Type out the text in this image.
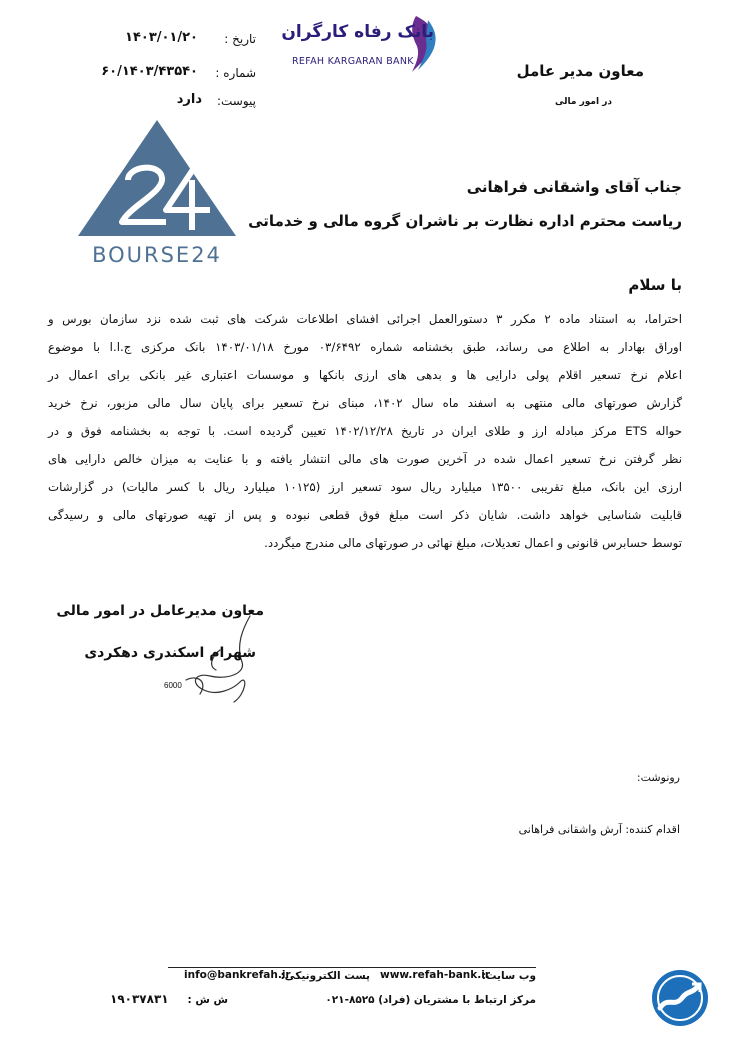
معاون مدیر عامل
در امور مالی
بانک رفاه کارگران
REFAH KARGARAN BANK
تاریخ :
۱۴۰۳/۰۱/۲۰
شماره :
۶۰/۱۴۰۳/۴۳۵۴۰
پیوست:
دارد
BOURSE24
جناب آقای واشقانی فراهانی
ریاست محترم اداره نظارت بر ناشران گروه مالی و خدماتی
با سلام
احتراما، به استناد ماده ۲ مکرر ۳ دستورالعمل اجرائی افشای اطلاعات شرکت های ثبت شده نزد سازمان بورس و
اوراق بهادار به اطلاع می رساند، طبق بخشنامه شماره ۰۳/۶۴۹۲ مورخ ۱۴۰۳/۰۱/۱۸ بانک مرکزی ج.ا.ا با موضوع
اعلام نرخ تسعیر اقلام پولی دارایی ها و بدهی های ارزی بانکها و موسسات اعتباری غیر بانکی برای اعمال در
گزارش صورتهای مالی منتهی به اسفند ماه سال ۱۴۰۲، مبنای نرخ تسعیر برای پایان سال مالی مزبور، نرخ خرید
حواله ETS مرکز مبادله ارز و طلای ایران در تاریخ ۱۴۰۲/۱۲/۲۸ تعیین گردیده است. با توجه به بخشنامه فوق و در
نظر گرفتن نرخ تسعیر اعمال شده در آخرین صورت های مالی انتشار یافته و با عنایت به میزان خالص دارایی های
ارزی این بانک، مبلغ تقریبی ۱۳۵۰۰ میلیارد ریال سود تسعیر ارز (۱۰۱۲۵ میلیارد ریال با کسر مالیات) در گزارشات
قابلیت شناسایی خواهد داشت. شایان ذکر است مبلغ فوق قطعی نبوده و پس از تهیه صورتهای مالی و رسیدگی
توسط حسابرس قانونی و اعمال تعدیلات، مبلغ نهائی در صورتهای مالی مندرج میگردد.
معاون مدیرعامل در امور مالی
شهرام اسکندری دهکردی
6000
رونوشت:
اقدام کننده: آرش واشقانی فراهانی
وب سایت:
www.refah-bank.ir
پست الکترونیکی:
info@bankrefah.ir
مرکز ارتباط با مشتریان (فراد) ۸۵۲۵-۰۲۱
ش ش :
۱۹۰۳۷۸۳۱
